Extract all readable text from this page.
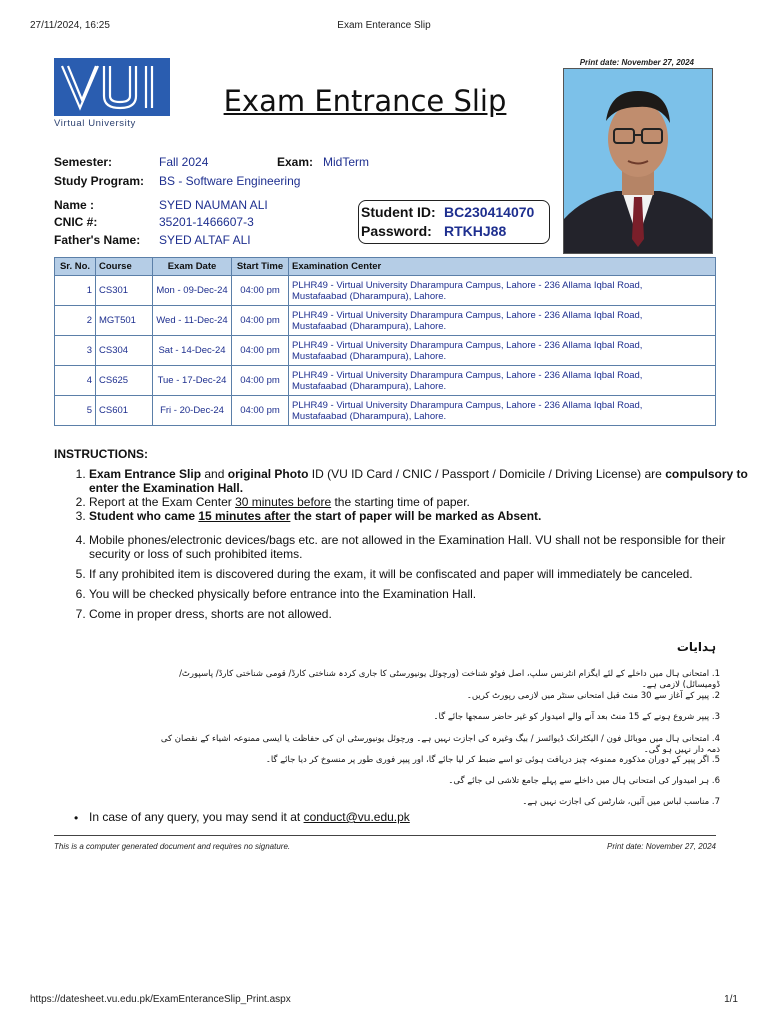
27/11/2024, 16:25	Exam Enterance Slip
https://datesheet.vu.edu.pk/ExamEnteranceSlip_Print.aspx	1/1
Virtual University
Exam Entrance Slip
Print date: November 27, 2024
Semester:	Fall 2024	Exam: MidTerm
Study Program: BS - Software Engineering
Name :	SYED NAUMAN ALI
CNIC #:	35201-1466607-3
Father's Name: SYED ALTAF ALI
Student ID: BC230414070
Password: RTKHJ88
Sr. No.	Course	Exam Date	Start Time	Examination Center
1	CS301	Mon - 09-Dec-24	04:00 pm	PLHR49 - Virtual University Dharampura Campus, Lahore - 236 Allama Iqbal Road,
Mustafaabad (Dharampura), Lahore.

2	MGT501	Wed - 11-Dec-24	04:00 pm	PLHR49 - Virtual University Dharampura Campus, Lahore - 236 Allama Iqbal Road,
Mustafaabad (Dharampura), Lahore.

3	CS304	Sat - 14-Dec-24	04:00 pm	PLHR49 - Virtual University Dharampura Campus, Lahore - 236 Allama Iqbal Road,
Mustafaabad (Dharampura), Lahore.

4	CS625	Tue - 17-Dec-24	04:00 pm	PLHR49 - Virtual University Dharampura Campus, Lahore - 236 Allama Iqbal Road,
Mustafaabad (Dharampura), Lahore.

5	CS601	Fri - 20-Dec-24	04:00 pm	PLHR49 - Virtual University Dharampura Campus, Lahore - 236 Allama Iqbal Road,
Mustafaabad (Dharampura), Lahore.
INSTRUCTIONS:
1. Exam Entrance Slip and original Photo ID (VU ID Card / CNIC / Passport / Domicile / Driving License) are compulsory to enter the Examination Hall.
2. Report at the Exam Center 30 minutes before the starting time of paper.
3. Student who came 15 minutes after the start of paper will be marked as Absent.
4. Mobile phones/electronic devices/bags etc. are not allowed in the Examination Hall. VU shall not be responsible for their security or loss of such prohibited items.
5. If any prohibited item is discovered during the exam, it will be confiscated and paper will immediately be canceled.
6. You will be checked physically before entrance into the Examination Hall.
7. Come in proper dress, shorts are not allowed.
ہدایات
1. امتحانی ہال میں داخلے کے لئے ایگزام انٹرنس سلپ، اصل فوٹو شناخت (ورچوئل یونیورسٹی کا جاری کردہ شناختی کارڈ/ قومی شناختی کارڈ/ پاسپورٹ/ ڈومیسائل) لازمی ہے۔
2. پیپر کے آغاز سے 30 منٹ قبل امتحانی سنٹر میں لازمی رپورٹ کریں۔
3. پیپر شروع ہونے کے 15 منٹ بعد آنے والے امیدوار کو غیر حاضر سمجھا جائے گا۔
4. امتحانی ہال میں موبائل فون / الیکٹرانک ڈیوائسز / بیگ وغیرہ کی اجازت نہیں ہے۔ ورچوئل یونیورسٹی ان کی حفاظت یا ایسی ممنوعہ اشیاء کے نقصان کی ذمہ دار نہیں ہو گی۔
5. اگر پیپر کے دوران مذکورہ ممنوعہ چیز دریافت ہوئی تو اسے ضبط کر لیا جائے گا، اور پیپر فوری طور پر منسوخ کر دیا جائے گا۔
6. ہر امیدوار کی امتحانی ہال میں داخلے سے پہلے جامع تلاشی لی جائے گی۔
7. مناسب لباس میں آئیں، شارٹس کی اجازت نہیں ہے۔
• In case of any query, you may send it at conduct@vu.edu.pk
This is a computer generated document and requires no signature.	Print date: November 27, 2024
